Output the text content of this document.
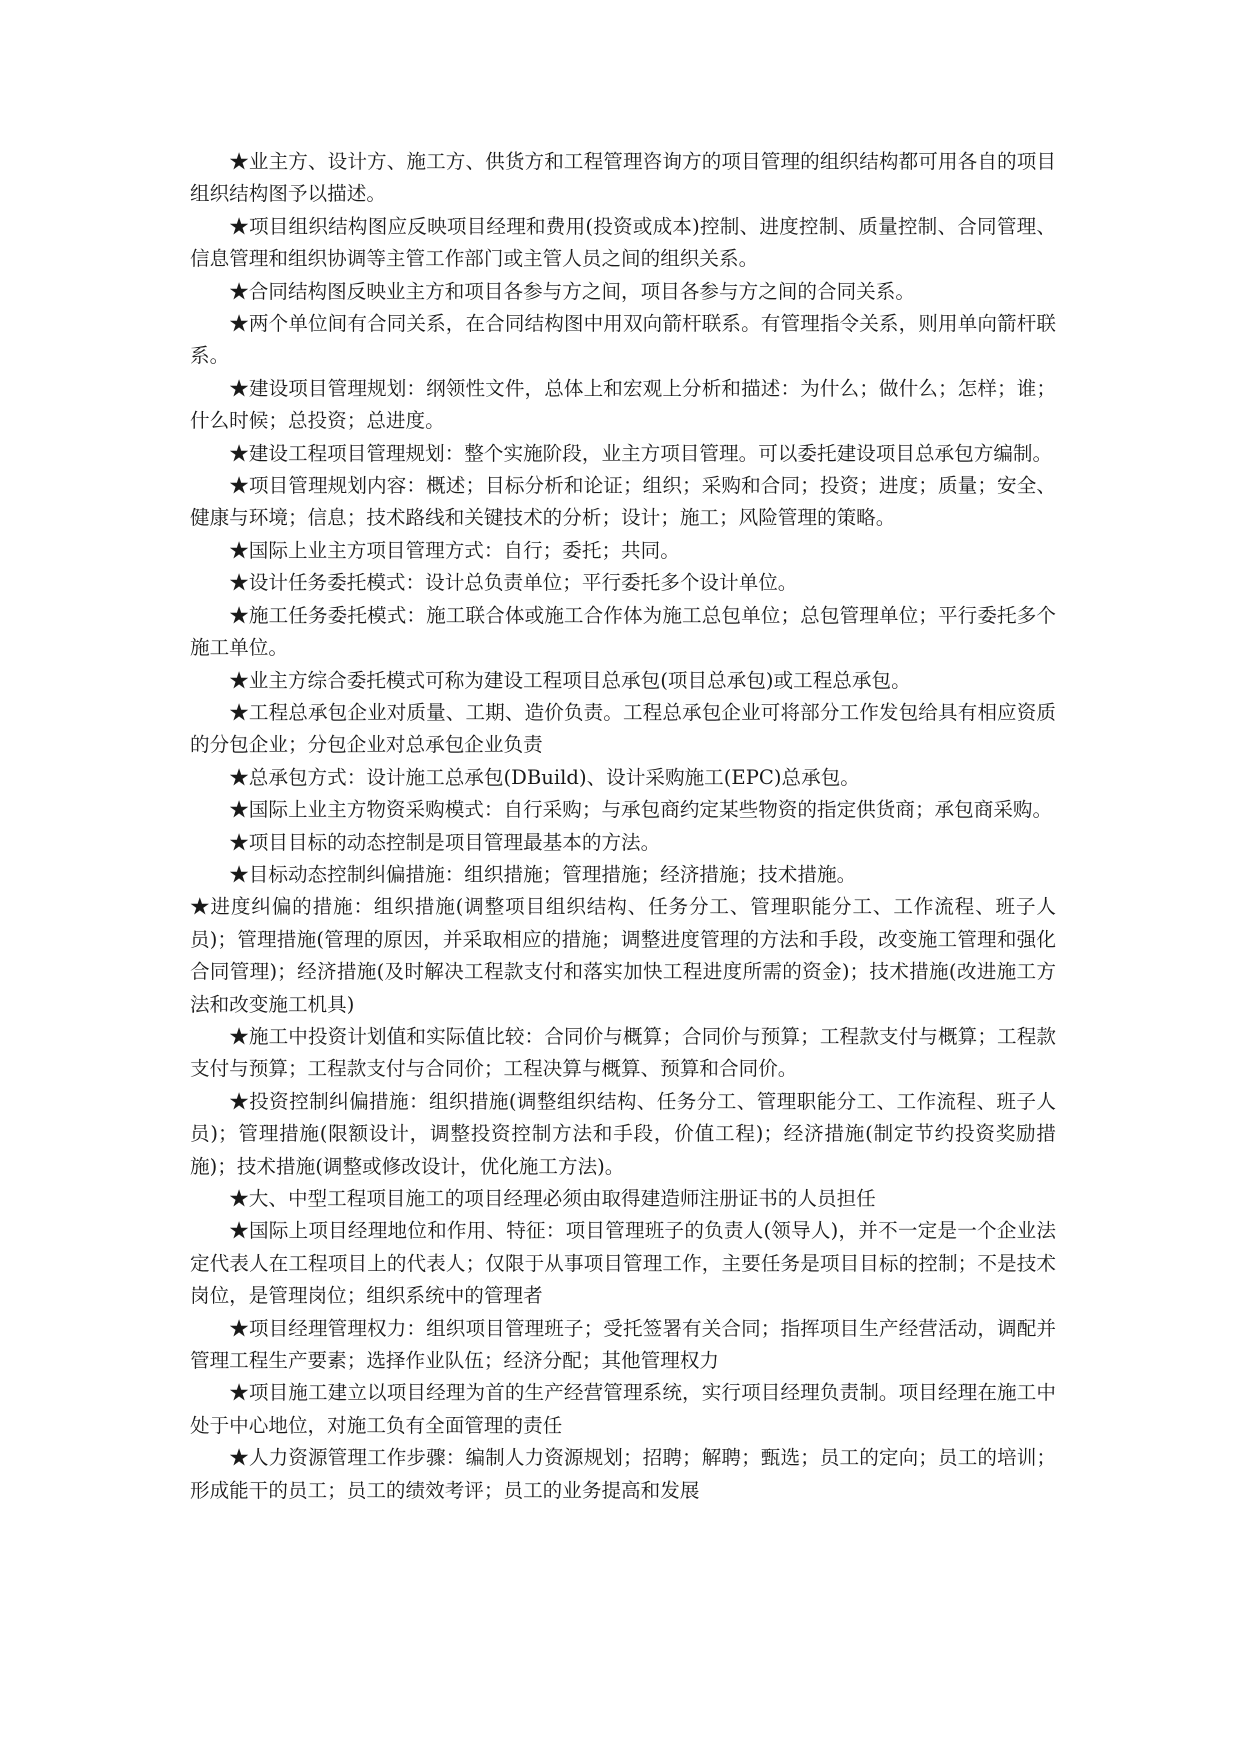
★业主方、设计方、施工方、供货方和工程管理咨询方的项目管理的组织结构都可用各自的项目组织结构图予以描述。

★项目组织结构图应反映项目经理和费用(投资或成本)控制、进度控制、质量控制、合同管理、信息管理和组织协调等主管工作部门或主管人员之间的组织关系。

★合同结构图反映业主方和项目各参与方之间，项目各参与方之间的合同关系。

★两个单位间有合同关系，在合同结构图中用双向箭杆联系。有管理指令关系，则用单向箭杆联系。

★建设项目管理规划：纲领性文件，总体上和宏观上分析和描述：为什么；做什么；怎样；谁；什么时候；总投资；总进度。

★建设工程项目管理规划：整个实施阶段，业主方项目管理。可以委托建设项目总承包方编制。

★项目管理规划内容：概述；目标分析和论证；组织；采购和合同；投资；进度；质量；安全、健康与环境；信息；技术路线和关键技术的分析；设计；施工；风险管理的策略。

★国际上业主方项目管理方式：自行；委托；共同。

★设计任务委托模式：设计总负责单位；平行委托多个设计单位。

★施工任务委托模式：施工联合体或施工合作体为施工总包单位；总包管理单位；平行委托多个施工单位。

★业主方综合委托模式可称为建设工程项目总承包(项目总承包)或工程总承包。

★工程总承包企业对质量、工期、造价负责。工程总承包企业可将部分工作发包给具有相应资质的分包企业；分包企业对总承包企业负责

★总承包方式：设计施工总承包(DBuild)、设计采购施工(EPC)总承包。

★国际上业主方物资采购模式：自行采购；与承包商约定某些物资的指定供货商；承包商采购。

★项目目标的动态控制是项目管理最基本的方法。

★目标动态控制纠偏措施：组织措施；管理措施；经济措施；技术措施。

★进度纠偏的措施：组织措施(调整项目组织结构、任务分工、管理职能分工、工作流程、班子人员)；管理措施(管理的原因，并采取相应的措施；调整进度管理的方法和手段，改变施工管理和强化合同管理)；经济措施(及时解决工程款支付和落实加快工程进度所需的资金)；技术措施(改进施工方法和改变施工机具)

★施工中投资计划值和实际值比较：合同价与概算；合同价与预算；工程款支付与概算；工程款支付与预算；工程款支付与合同价；工程决算与概算、预算和合同价。

★投资控制纠偏措施：组织措施(调整组织结构、任务分工、管理职能分工、工作流程、班子人员)；管理措施(限额设计，调整投资控制方法和手段，价值工程)；经济措施(制定节约投资奖励措施)；技术措施(调整或修改设计，优化施工方法)。

★大、中型工程项目施工的项目经理必须由取得建造师注册证书的人员担任

★国际上项目经理地位和作用、特征：项目管理班子的负责人(领导人)，并不一定是一个企业法定代表人在工程项目上的代表人；仅限于从事项目管理工作，主要任务是项目目标的控制；不是技术岗位，是管理岗位；组织系统中的管理者

★项目经理管理权力：组织项目管理班子；受托签署有关合同；指挥项目生产经营活动，调配并管理工程生产要素；选择作业队伍；经济分配；其他管理权力

★项目施工建立以项目经理为首的生产经营管理系统，实行项目经理负责制。项目经理在施工中处于中心地位，对施工负有全面管理的责任

★人力资源管理工作步骤：编制人力资源规划；招聘；解聘；甄选；员工的定向；员工的培训；形成能干的员工；员工的绩效考评；员工的业务提高和发展
